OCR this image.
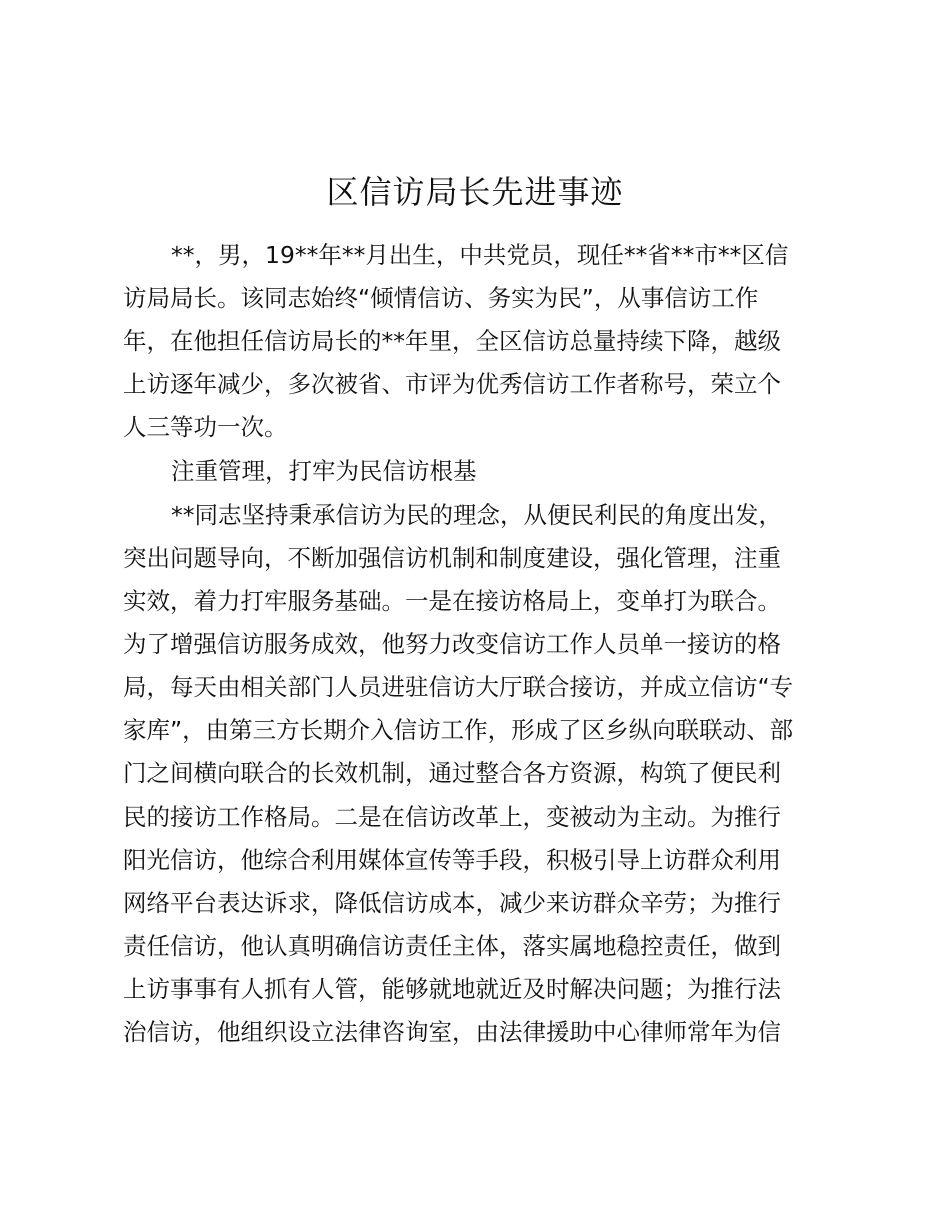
区信访局长先进事迹
**，男，19**年**月出生，中共党员，现任**省**市**区信
访局局长。该同志始终“倾情信访、务实为民”，从事信访工作
年，在他担任信访局长的**年里，全区信访总量持续下降，越级
上访逐年减少，多次被省、市评为优秀信访工作者称号，荣立个
人三等功一次。
注重管理，打牢为民信访根基
**同志坚持秉承信访为民的理念，从便民利民的角度出发，
突出问题导向，不断加强信访机制和制度建设，强化管理，注重
实效，着力打牢服务基础。一是在接访格局上，变单打为联合。
为了增强信访服务成效，他努力改变信访工作人员单一接访的格
局，每天由相关部门人员进驻信访大厅联合接访，并成立信访“专
家库”，由第三方长期介入信访工作，形成了区乡纵向联联动、部
门之间横向联合的长效机制，通过整合各方资源，构筑了便民利
民的接访工作格局。二是在信访改革上，变被动为主动。为推行
阳光信访，他综合利用媒体宣传等手段，积极引导上访群众利用
网络平台表达诉求，降低信访成本，减少来访群众辛劳；为推行
责任信访，他认真明确信访责任主体，落实属地稳控责任，做到
上访事事有人抓有人管，能够就地就近及时解决问题；为推行法
治信访，他组织设立法律咨询室，由法律援助中心律师常年为信
